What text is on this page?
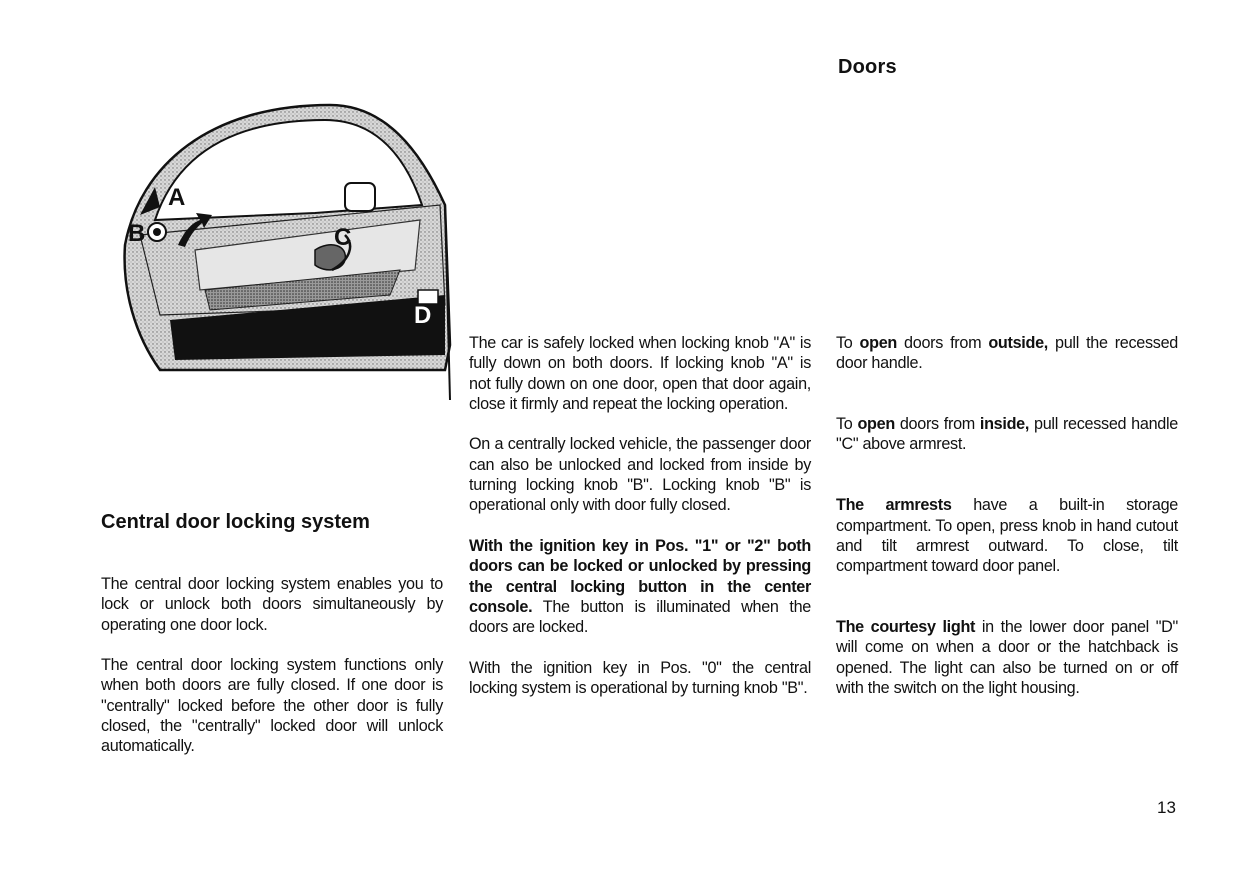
Doors
A
B	C
D
Central door locking system

The central door locking system enables you to lock or unlock both doors simultaneously by operating one door lock.

The central door locking system functions only when both doors are fully closed. If one door is "centrally" locked before the other door is fully closed, the "centrally" locked door will unlock automatically.

The car is safely locked when locking knob "A" is fully down on both doors. If locking knob "A" is not fully down on one door, open that door again, close it firmly and repeat the locking operation.

On a centrally locked vehicle, the passenger door can also be unlocked and locked from inside by turning locking knob "B". Locking knob "B" is operational only with door fully closed.

With the ignition key in Pos. "1" or "2" both doors can be locked or unlocked by pressing the central locking button in the center console. The button is illuminated when the doors are locked.

With the ignition key in Pos. "0" the central locking system is operational by turning knob "B".

To open doors from outside, pull the recessed door handle.

To open doors from inside, pull recessed handle "C" above armrest.

The armrests have a built-in storage compartment. To open, press knob in hand cutout and tilt armrest outward. To close, tilt compartment toward door panel.

The courtesy light in the lower door panel "D" will come on when a door or the hatchback is opened. The light can also be turned on or off with the switch on the light housing.

13
